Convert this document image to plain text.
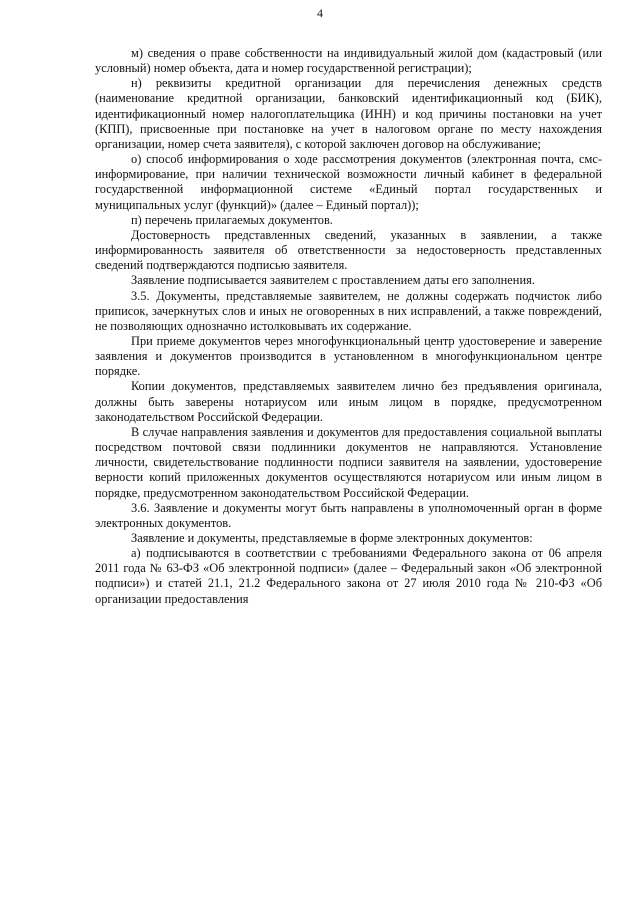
4

м) сведения о праве собственности на индивидуальный жилой дом (кадастровый (или условный) номер объекта, дата и номер государственной регистрации);

н) реквизиты кредитной организации для перечисления денежных средств (наименование кредитной организации, банковский идентификационный код (БИК), идентификационный номер налогоплательщика (ИНН) и код причины постановки на учет (КПП), присвоенные при постановке на учет в налоговом органе по месту нахождения организации, номер счета заявителя), с которой заключен договор на обслуживание;

о) способ информирования о ходе рассмотрения документов (электронная почта, смс-информирование, при наличии технической возможности личный кабинет в федеральной государственной информационной системе «Единый портал государственных и муниципальных услуг (функций)» (далее – Единый портал));

п) перечень прилагаемых документов.

Достоверность представленных сведений, указанных в заявлении, а также информированность заявителя об ответственности за недостоверность представленных сведений подтверждаются подписью заявителя.

Заявление подписывается заявителем с проставлением даты его заполнения.

3.5. Документы, представляемые заявителем, не должны содержать подчисток либо приписок, зачеркнутых слов и иных не оговоренных в них исправлений, а также повреждений, не позволяющих однозначно истолковывать их содержание.

При приеме документов через многофункциональный центр удостоверение и заверение заявления и документов производится в установленном в многофункциональном центре порядке.

Копии документов, представляемых заявителем лично без предъявления оригинала, должны быть заверены нотариусом или иным лицом в порядке, предусмотренном законодательством Российской Федерации.

В случае направления заявления и документов для предоставления социальной выплаты посредством почтовой связи подлинники документов не направляются. Установление личности, свидетельствование подлинности подписи заявителя на заявлении, удостоверение верности копий приложенных документов осуществляются нотариусом или иным лицом в порядке, предусмотренном законодательством Российской Федерации.

3.6. Заявление и документы могут быть направлены в уполномоченный орган в форме электронных документов.

Заявление и документы, представляемые в форме электронных документов:

а) подписываются в соответствии с требованиями Федерального закона от 06 апреля 2011 года № 63-ФЗ «Об электронной подписи» (далее – Федеральный закон «Об электронной подписи») и статей 21.1, 21.2 Федерального закона от 27 июля 2010 года № 210-ФЗ «Об организации предоставления
